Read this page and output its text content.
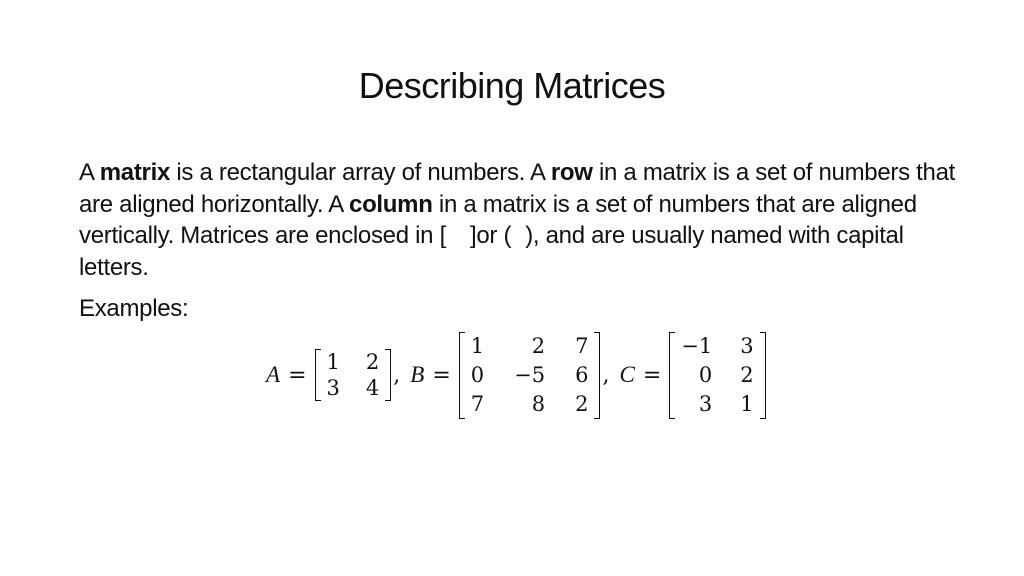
Describing Matrices
A matrix is a rectangular array of numbers. A row in a matrix is a set of numbers that are aligned horizontally. A column in a matrix is a set of numbers that are aligned vertically. Matrices are enclosed in [ ]or ( ), and are usually named with capital letters.
Examples:
A =
1	2
3	4
, B =
1	2	7
0	−5	6
7	8	2
, C =
−1	3
0	2
3	1
